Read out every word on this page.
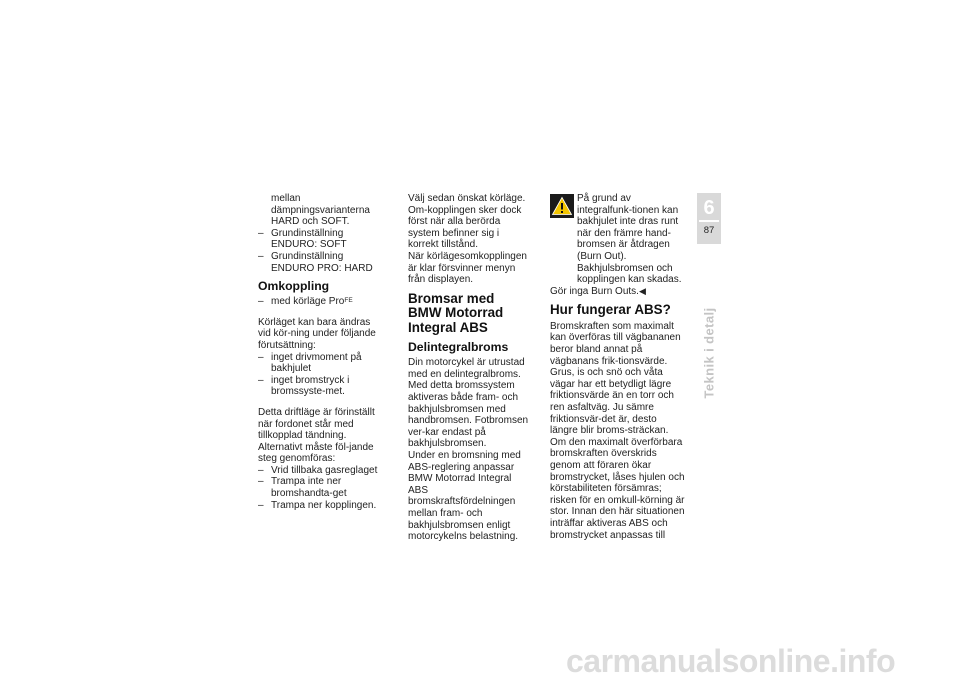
mellan dämpningsvarianterna HARD och SOFT.

– Grundinställning ENDURO: SOFT

– Grundinställning ENDURO PRO: HARD

Omkoppling

– med körläge Pro$^{FE}$

Körläget kan bara ändras vid kör-ning under följande förutsättning:

– inget drivmoment på bakhjulet

– inget bromstryck i bromssyste-met.

Detta driftläge är förinställt när fordonet står med tillkopplad tändning. Alternativt måste föl-jande steg genomföras:

– Vrid tillbaka gasreglaget

– Trampa inte ner bromshandta-get

– Trampa ner kopplingen.

Välj sedan önskat körläge. Om-kopplingen sker dock först när alla berörda system befinner sig i korrekt tillstånd.

När körlägesomkopplingen är klar försvinner menyn från displayen.

Bromsar med BMW Motorrad Integral ABS
Delintegralbroms

Din motorcykel är utrustad med en delintegralbroms. Med detta bromssystem aktiveras både fram- och bakhjulsbromsen med handbromsen. Fotbromsen ver-kar endast på bakhjulsbromsen.

Under en bromsning med ABS-reglering anpassar BMW Motorrad Integral ABS bromskraftsfördelningen mellan fram- och bakhjulsbromsen enligt motorcykelns belastning.

På grund av integralfunk-tionen kan bakhjulet inte dras runt när den främre hand-bromsen är åtdragen (Burn Out). Bakhjulsbromsen och kopplingen kan skadas.

Gör inga Burn Outs.◀

Hur fungerar ABS?

Bromskraften som maximalt kan överföras till vägbananen beror bland annat på vägbanans frik-tionsvärde. Grus, is och snö och våta vägar har ett betydligt lägre friktionsvärde än en torr och ren asfaltväg. Ju sämre friktionsvär-det är, desto längre blir broms-sträckan.

Om den maximalt överförbara bromskraften överskrids genom att föraren ökar bromstrycket, låses hjulen och körstabiliteten försämras; risken för en omkull-körning är stor. Innan den här situationen inträffar aktiveras ABS och bromstrycket anpassas till

6
87
Teknik i detalj
carmanualsonline.info
